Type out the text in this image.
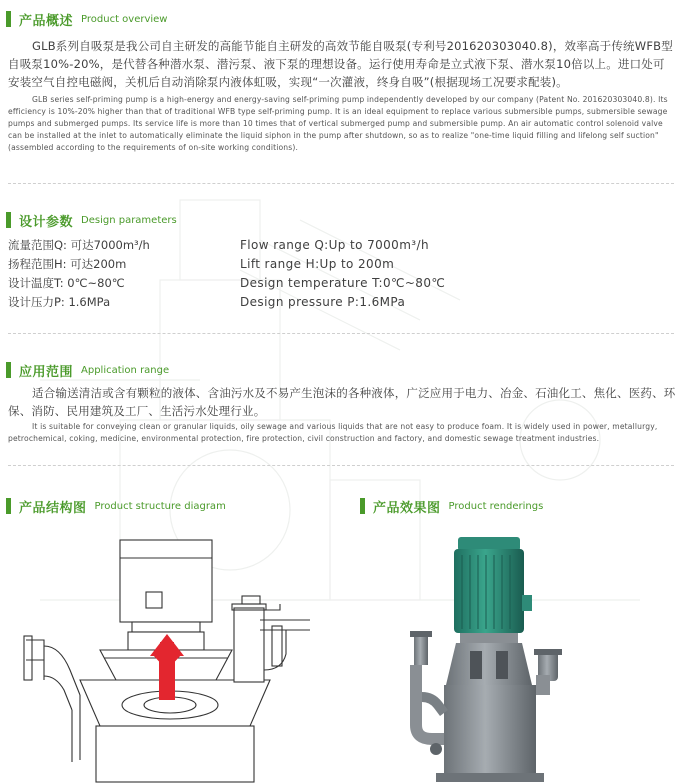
产品概述 Product overview

GLB系列自吸泵是我公司自主研发的高能节能自主研发的高效节能自吸泵(专利号201620303040.8)，效率高于传统WFB型自吸泵10%-20%，是代替各种潜水泵、潜污泵、液下泵的理想设备。运行使用寿命是立式液下泵、潜水泵10倍以上。进口处可安装空气自控电磁阀，关机后自动消除泵内液体虹吸，实现“一次灌液，终身自吸”(根据现场工况要求配装)。

GLB series self-priming pump is a high-energy and energy-saving self-priming pump independently developed by our company (Patent No. 201620303040.8). Its efficiency is 10%-20% higher than that of traditional WFB type self-priming pump. It is an ideal equipment to replace various submersible pumps, submersible sewage pumps and submerged pumps. Its service life is more than 10 times that of vertical submerged pump and submersible pump. An air automatic control solenoid valve can be installed at the inlet to automatically eliminate the liquid siphon in the pump after shutdown, so as to realize "one-time liquid filling and lifelong self suction" (assembled according to the requirements of on-site working conditions).

设计参数 Design parameters
流量范围Q: 可达7000m³/h
扬程范围H: 可达200m
设计温度T: 0℃~80℃
设计压力P: 1.6MPa
Flow range Q:Up to 7000m³/h
Lift range H:Up to 200m
Design temperature T:0℃~80℃
Design pressure P:1.6MPa
应用范围 Application range

适合输送清洁或含有颗粒的液体、含油污水及不易产生泡沫的各种液体，广泛应用于电力、冶金、石油化工、焦化、医药、环保、消防、民用建筑及工厂、生活污水处理行业。

It is suitable for conveying clean or granular liquids, oily sewage and various liquids that are not easy to produce foam. It is widely used in power, metallurgy, petrochemical, coking, medicine, environmental protection, fire protection, civil construction and factory, and domestic sewage treatment industries.

产品结构图 Product structure diagram	产品效果图 Product renderings
